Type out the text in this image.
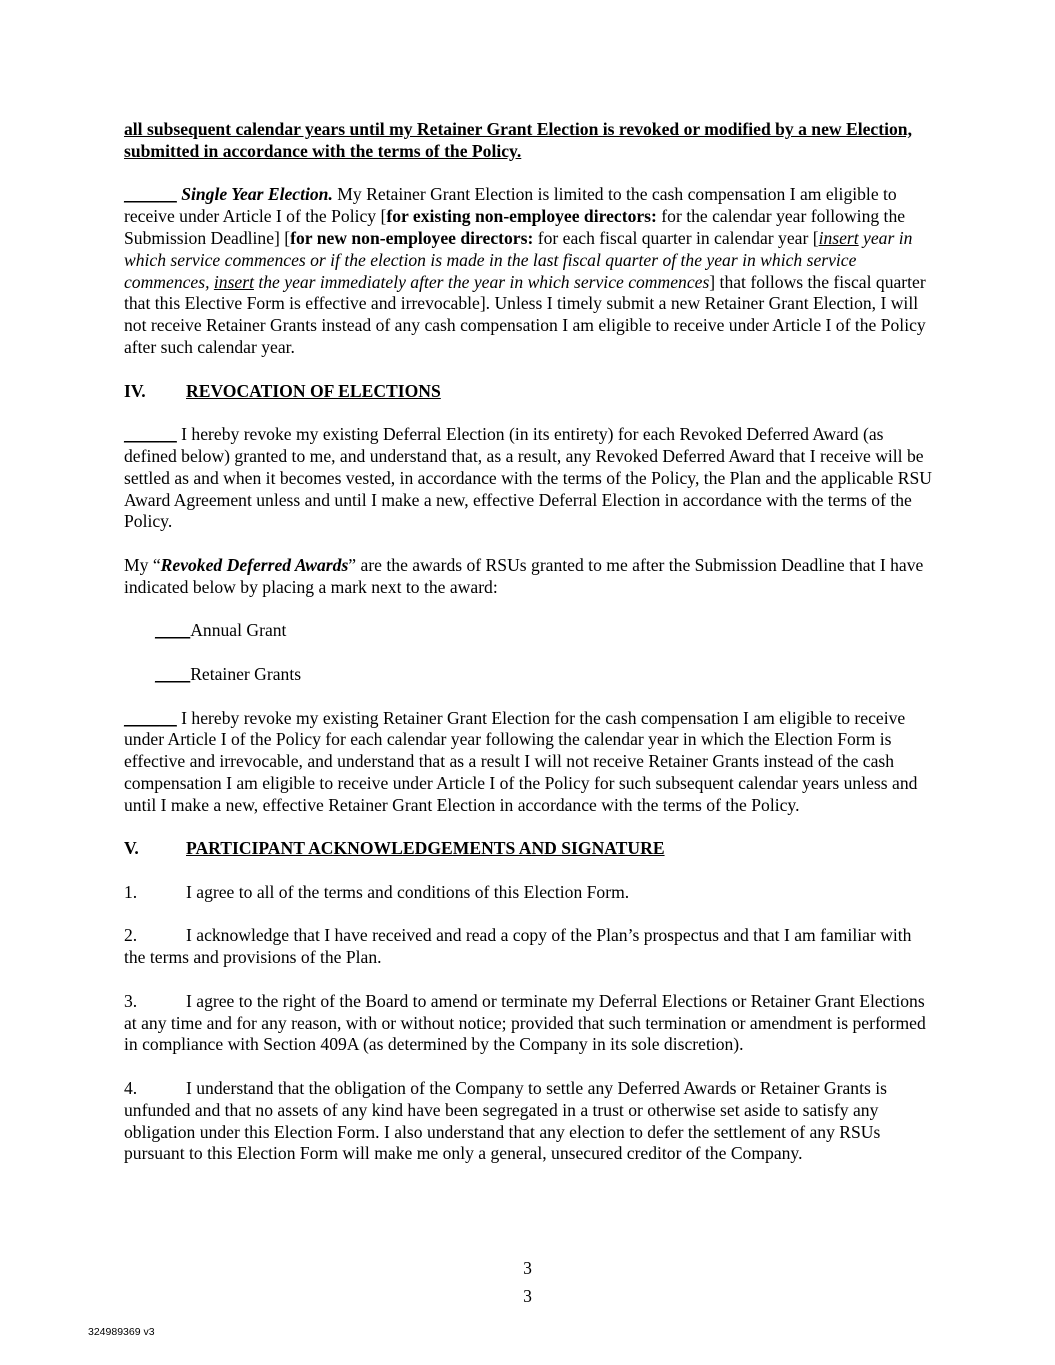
all subsequent calendar years until my Retainer Grant Election is revoked or modified by a new Election, submitted in accordance with the terms of the Policy.

______ Single Year Election. My Retainer Grant Election is limited to the cash compensation I am eligible to receive under Article I of the Policy [for existing non-employee directors: for the calendar year following the Submission Deadline] [for new non-employee directors: for each fiscal quarter in calendar year [insert year in which service commences or if the election is made in the last fiscal quarter of the year in which service commences, insert the year immediately after the year in which service commences] that follows the fiscal quarter that this Elective Form is effective and irrevocable]. Unless I timely submit a new Retainer Grant Election, I will not receive Retainer Grants instead of any cash compensation I am eligible to receive under Article I of the Policy after such calendar year.

IV. REVOCATION OF ELECTIONS

______ I hereby revoke my existing Deferral Election (in its entirety) for each Revoked Deferred Award (as defined below) granted to me, and understand that, as a result, any Revoked Deferred Award that I receive will be settled as and when it becomes vested, in accordance with the terms of the Policy, the Plan and the applicable RSU Award Agreement unless and until I make a new, effective Deferral Election in accordance with the terms of the Policy.

My “Revoked Deferred Awards” are the awards of RSUs granted to me after the Submission Deadline that I have indicated below by placing a mark next to the award:

____Annual Grant

____Retainer Grants

______ I hereby revoke my existing Retainer Grant Election for the cash compensation I am eligible to receive under Article I of the Policy for each calendar year following the calendar year in which the Election Form is effective and irrevocable, and understand that as a result I will not receive Retainer Grants instead of the cash compensation I am eligible to receive under Article I of the Policy for such subsequent calendar years unless and until I make a new, effective Retainer Grant Election in accordance with the terms of the Policy.

V.	PARTICIPANT ACKNOWLEDGEMENTS AND SIGNATURE

1.	I agree to all of the terms and conditions of this Election Form.

2.	I acknowledge that I have received and read a copy of the Plan’s prospectus and that I am familiar with the terms and provisions of the Plan.

3.	I agree to the right of the Board to amend or terminate my Deferral Elections or Retainer Grant Elections at any time and for any reason, with or without notice; provided that such termination or amendment is performed in compliance with Section 409A (as determined by the Company in its sole discretion).

4.	I understand that the obligation of the Company to settle any Deferred Awards or Retainer Grants is unfunded and that no assets of any kind have been segregated in a trust or otherwise set aside to satisfy any obligation under this Election Form. I also understand that any election to defer the settlement of any RSUs pursuant to this Election Form will make me only a general, unsecured creditor of the Company.

3
3
324989369 v3
